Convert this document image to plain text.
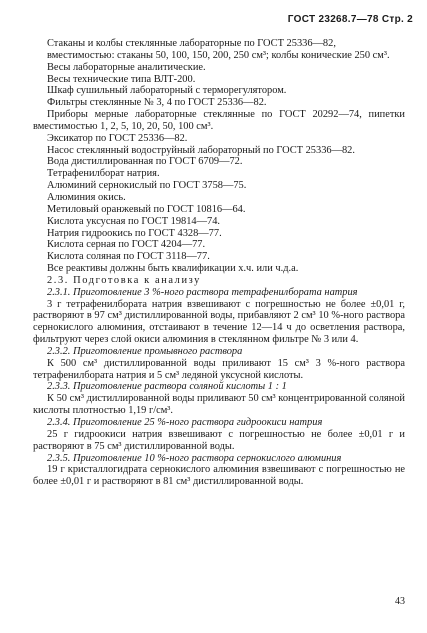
ГОСТ 23268.7—78 Стр. 2

Стаканы и колбы стеклянные лабораторные по ГОСТ 25336—82,

вместимостью: стаканы 50, 100, 150, 200, 250 см³; колбы конические 250 см³.

Весы лабораторные аналитические.

Весы технические типа ВЛТ-200.

Шкаф сушильный лабораторный с терморегулятором.

Фильтры стеклянные № 3, 4 по ГОСТ 25336—82.

Приборы мерные лабораторные стеклянные по ГОСТ 20292—74, пипетки вместимостью 1, 2, 5, 10, 20, 50, 100 см³.

Эксикатор по ГОСТ 25336—82.

Насос стеклянный водоструйный лабораторный по ГОСТ 25336—82.

Вода дистиллированная по ГОСТ 6709—72.

Тетрафенилборат натрия.

Алюминий сернокислый по ГОСТ 3758—75.

Алюминия окись.

Метиловый оранжевый по ГОСТ 10816—64.

Кислота уксусная по ГОСТ 19814—74.

Натрия гидроокись по ГОСТ 4328—77.

Кислота серная по ГОСТ 4204—77.

Кислота соляная по ГОСТ 3118—77.

Все реактивы должны быть квалификации х.ч. или ч.д.а.

2.3. Подготовка к анализу

2.3.1. Приготовление 3 %-ного раствора тетрафенилбората натрия

3 г тетрафенилбората натрия взвешивают с погрешностью не более ±0,01 г, растворяют в 97 см³ дистиллированной воды, прибавляют 2 см³ 10 %-ного раствора сернокислого алюминия, отстаивают в течение 12—14 ч до осветления раствора, фильтруют через слой окиси алюминия в стеклянном фильтре № 3 или 4.

2.3.2. Приготовление промывного раствора

К 500 см³ дистиллированной воды приливают 15 см³ 3 %-ного раствора тетрафенилбората натрия и 5 см³ ледяной уксусной кислоты.

2.3.3. Приготовление раствора соляной кислоты 1 : 1

К 50 см³ дистиллированной воды приливают 50 см³ концентрированной соляной кислоты плотностью 1,19 г/см³.

2.3.4. Приготовление 25 %-ного раствора гидроокиси натрия

25 г гидроокиси натрия взвешивают с погрешностью не более ±0,01 г и растворяют в 75 см³ дистиллированной воды.

2.3.5. Приготовление 10 %-ного раствора сернокислого алюминия

19 г кристаллогидрата сернокислого алюминия взвешивают с погрешностью не более ±0,01 г и растворяют в 81 см³ дистиллированной воды.

43
